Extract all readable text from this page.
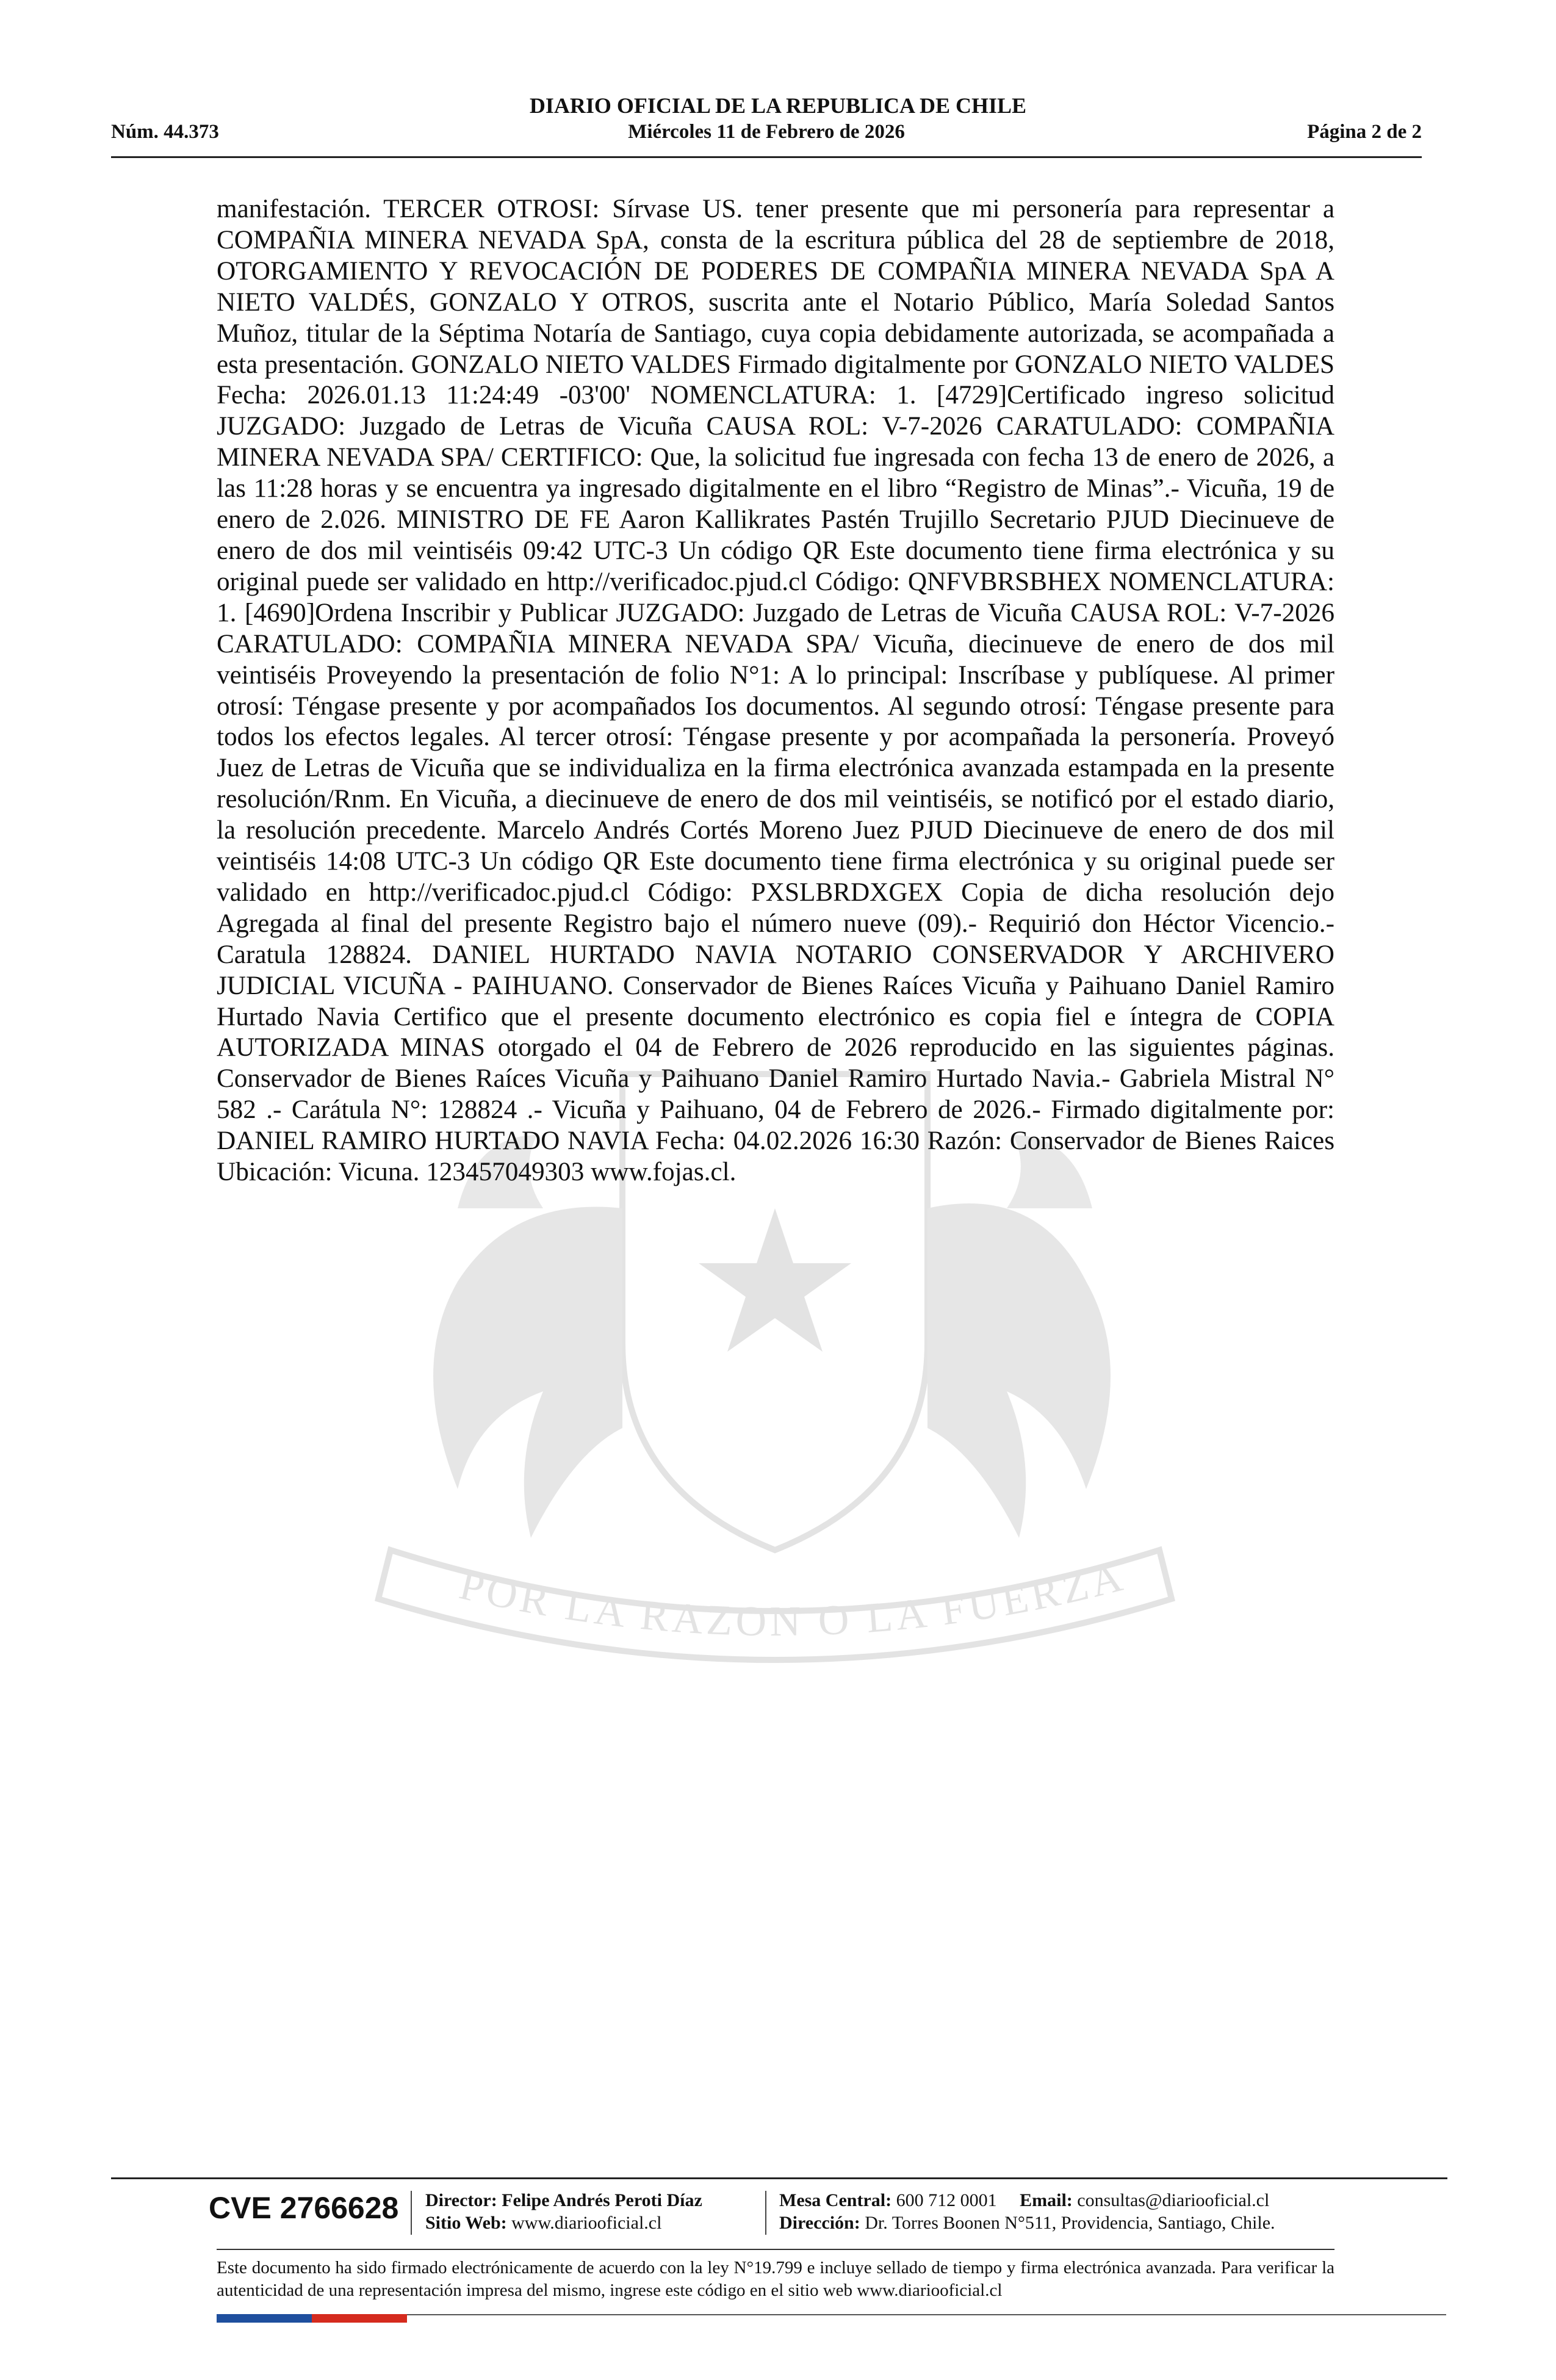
DIARIO OFICIAL DE LA REPUBLICA DE CHILE
Núm. 44.373	Miércoles 11 de Febrero de 2026	Página 2 de 2
POR LA RAZON O LA FUERZA
manifestación. TERCER OTROSI: Sírvase US. tener presente que mi personería para representar a COMPAÑIA MINERA NEVADA SpA, consta de la escritura pública del 28 de septiembre de 2018, OTORGAMIENTO Y REVOCACIÓN DE PODERES DE COMPAÑIA MINERA NEVADA SpA A NIETO VALDÉS, GONZALO Y OTROS, suscrita ante el Notario Público, María Soledad Santos Muñoz, titular de la Séptima Notaría de Santiago, cuya copia debidamente autorizada, se acompañada a esta presentación. GONZALO NIETO VALDES Firmado digitalmente por GONZALO NIETO VALDES Fecha: 2026.01.13 11:24:49 -03'00' NOMENCLATURA: 1. [4729]Certificado ingreso solicitud JUZGADO: Juzgado de Letras de Vicuña CAUSA ROL: V-7-2026 CARATULADO: COMPAÑIA MINERA NEVADA SPA/ CERTIFICO: Que, la solicitud fue ingresada con fecha 13 de enero de 2026, a las 11:28 horas y se encuentra ya ingresado digitalmente en el libro “Registro de Minas”.- Vicuña, 19 de enero de 2.026. MINISTRO DE FE Aaron Kallikrates Pastén Trujillo Secretario PJUD Diecinueve de enero de dos mil veintiséis 09:42 UTC-3 Un código QR Este documento tiene firma electrónica y su original puede ser validado en http://verificadoc.pjud.cl Código: QNFVBRSBHEX NOMENCLATURA: 1. [4690]Ordena Inscribir y Publicar JUZGADO: Juzgado de Letras de Vicuña CAUSA ROL: V-7-2026 CARATULADO: COMPAÑIA MINERA NEVADA SPA/ Vicuña, diecinueve de enero de dos mil veintiséis Proveyendo la presentación de folio N°1: A lo principal: Inscríbase y publíquese. Al primer otrosí: Téngase presente y por acompañados Ios documentos. Al segundo otrosí: Téngase presente para todos los efectos legales. Al tercer otrosí: Téngase presente y por acompañada la personería. Proveyó Juez de Letras de Vicuña que se individualiza en la firma electrónica avanzada estampada en la presente resolución/Rnm. En Vicuña, a diecinueve de enero de dos mil veintiséis, se notificó por el estado diario, la resolución precedente. Marcelo Andrés Cortés Moreno Juez PJUD Diecinueve de enero de dos mil veintiséis 14:08 UTC-3 Un código QR Este documento tiene firma electrónica y su original puede ser validado en http://verificadoc.pjud.cl Código: PXSLBRDXGEX Copia de dicha resolución dejo Agregada al final del presente Registro bajo el número nueve (09).- Requirió don Héctor Vicencio.- Caratula 128824. DANIEL HURTADO NAVIA NOTARIO CONSERVADOR Y ARCHIVERO JUDICIAL VICUÑA - PAIHUANO. Conservador de Bienes Raíces Vicuña y Paihuano Daniel Ramiro Hurtado Navia Certifico que el presente documento electrónico es copia fiel e íntegra de COPIA AUTORIZADA MINAS otorgado el 04 de Febrero de 2026 reproducido en las siguientes páginas. Conservador de Bienes Raíces Vicuña y Paihuano Daniel Ramiro Hurtado Navia.- Gabriela Mistral N° 582 .- Carátula N°: 128824 .- Vicuña y Paihuano, 04 de Febrero de 2026.- Firmado digitalmente por: DANIEL RAMIRO HURTADO NAVIA Fecha: 04.02.2026 16:30 Razón: Conservador de Bienes Raices Ubicación: Vicuna. 123457049303 www.fojas.cl.
CVE 2766628 Director: Felipe Andrés Peroti Díaz
Sitio Web: www.diariooficial.cl
Mesa Central: 600 712 0001 Email: consultas@diariooficial.cl
Dirección: Dr. Torres Boonen N°511, Providencia, Santiago, Chile.
Este documento ha sido firmado electrónicamente de acuerdo con la ley N°19.799 e incluye sellado de tiempo y firma electrónica avanzada. Para verificar la autenticidad de una representación impresa del mismo, ingrese este código en el sitio web www.diariooficial.cl
